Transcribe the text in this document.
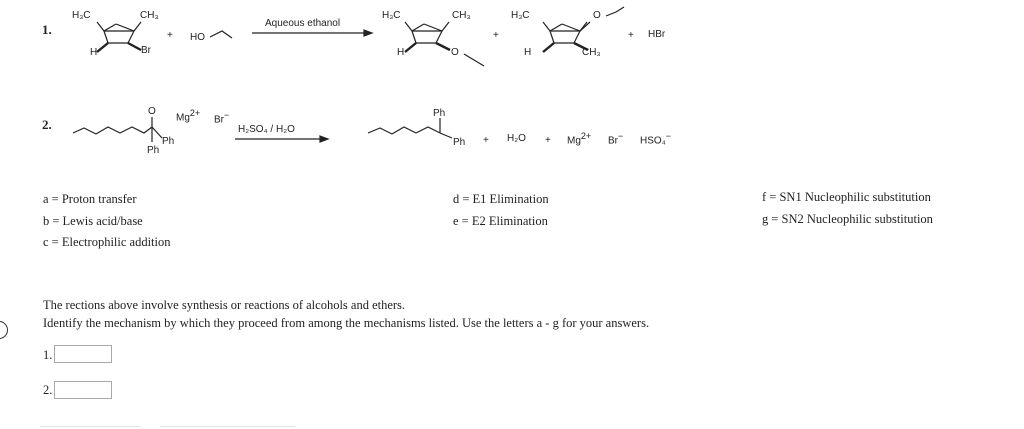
1.
H₃C	CH₃
H	Br
+ HO
Aqueous ethanol
H₃C	CH₃
H	O
+
H₃C	O
H	CH₃
+ HBr
2.
O
$Mg^{2+}$
Br−
Ph
Ph
H₂SO₄ / H₂O
Ph
$Ph + H_2O + Mg^{2+}$ Br− HSO₄−
a = Proton transfer
b = Lewis acid/base
c = Electrophilic addition
d = E1 Elimination
e = E2 Elimination
f = SN1 Nucleophilic substitution
g = SN2 Nucleophilic substitution
The rections above involve synthesis or reactions of alcohols and ethers.
Identify the mechanism by which they proceed from among the mechanisms listed. Use the letters a - g for your answers.
1.
2.
